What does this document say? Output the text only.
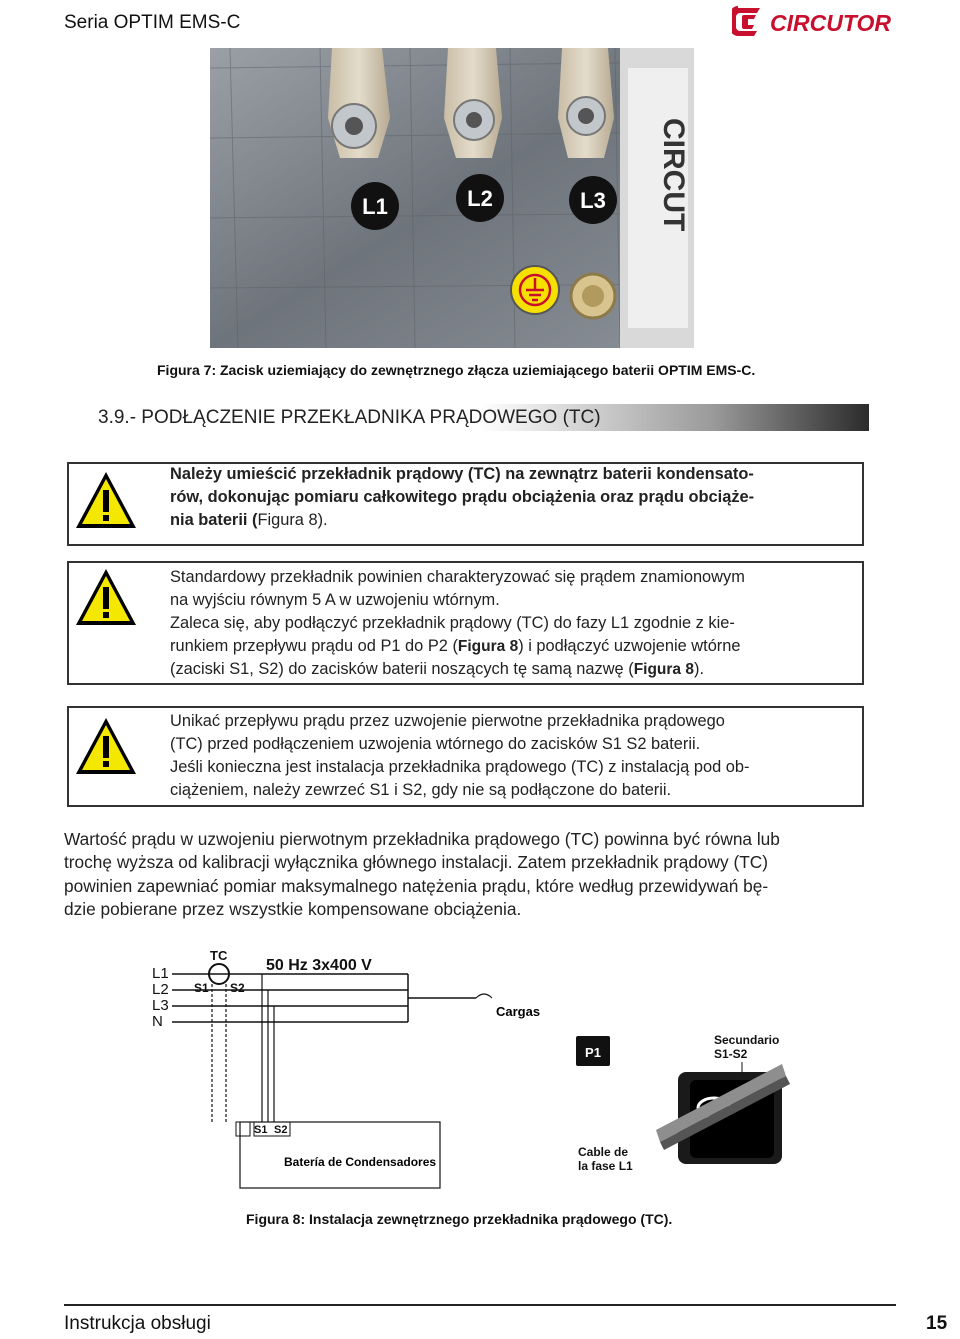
Seria OPTIM EMS-C	CIRCUTOR
CIRCUT
L1	L2	L3
Figura 7: Zacisk uziemiający do zewnętrznego złącza uziemiającego baterii OPTIM EMS-C.
3.9.- PODŁĄCZENIE PRZEKŁADNIKA PRĄDOWEGO (TC)
Należy umieścić przekładnik prądowy (TC) na zewnątrz baterii kondensato-
rów, dokonując pomiaru całkowitego prądu obciążenia oraz prądu obciąże-
nia baterii (Figura 8).
Standardowy przekładnik powinien charakteryzować się prądem znamionowym
na wyjściu równym 5 A w uzwojeniu wtórnym.
Zaleca się, aby podłączyć przekładnik prądowy (TC) do fazy L1 zgodnie z kie-
runkiem przepływu prądu od P1 do P2 (Figura 8) i podłączyć uzwojenie wtórne
(zaciski S1, S2) do zacisków baterii noszących tę samą nazwę (Figura 8).
Unikać przepływu prądu przez uzwojenie pierwotne przekładnika prądowego
(TC) przed podłączeniem uzwojenia wtórnego do zacisków S1 S2 baterii.
Jeśli konieczna jest instalacja przekładnika prądowego (TC) z instalacją pod ob-
ciążeniem, należy zewrzeć S1 i S2, gdy nie są podłączone do baterii.
Wartość prądu w uzwojeniu pierwotnym przekładnika prądowego (TC) powinna być równa lub
trochę wyższa od kalibracji wyłącznika głównego instalacji. Zatem przekładnik prądowy (TC)
powinien zapewniać pomiar maksymalnego natężenia prądu, które według przewidywań bę-
dzie pobierane przez wszystkie kompensowane obciążenia.
TC
50 Hz 3x400 V
L1
L2
L3
N
S1 S2
Cargas
S1 S2
Batería de Condensadores
P1
Secundario
S1-S2
Cable de
la fase L1
Figura 8: Instalacja zewnętrznego przekładnika prądowego (TC).
Instrukcja obsługi	15
